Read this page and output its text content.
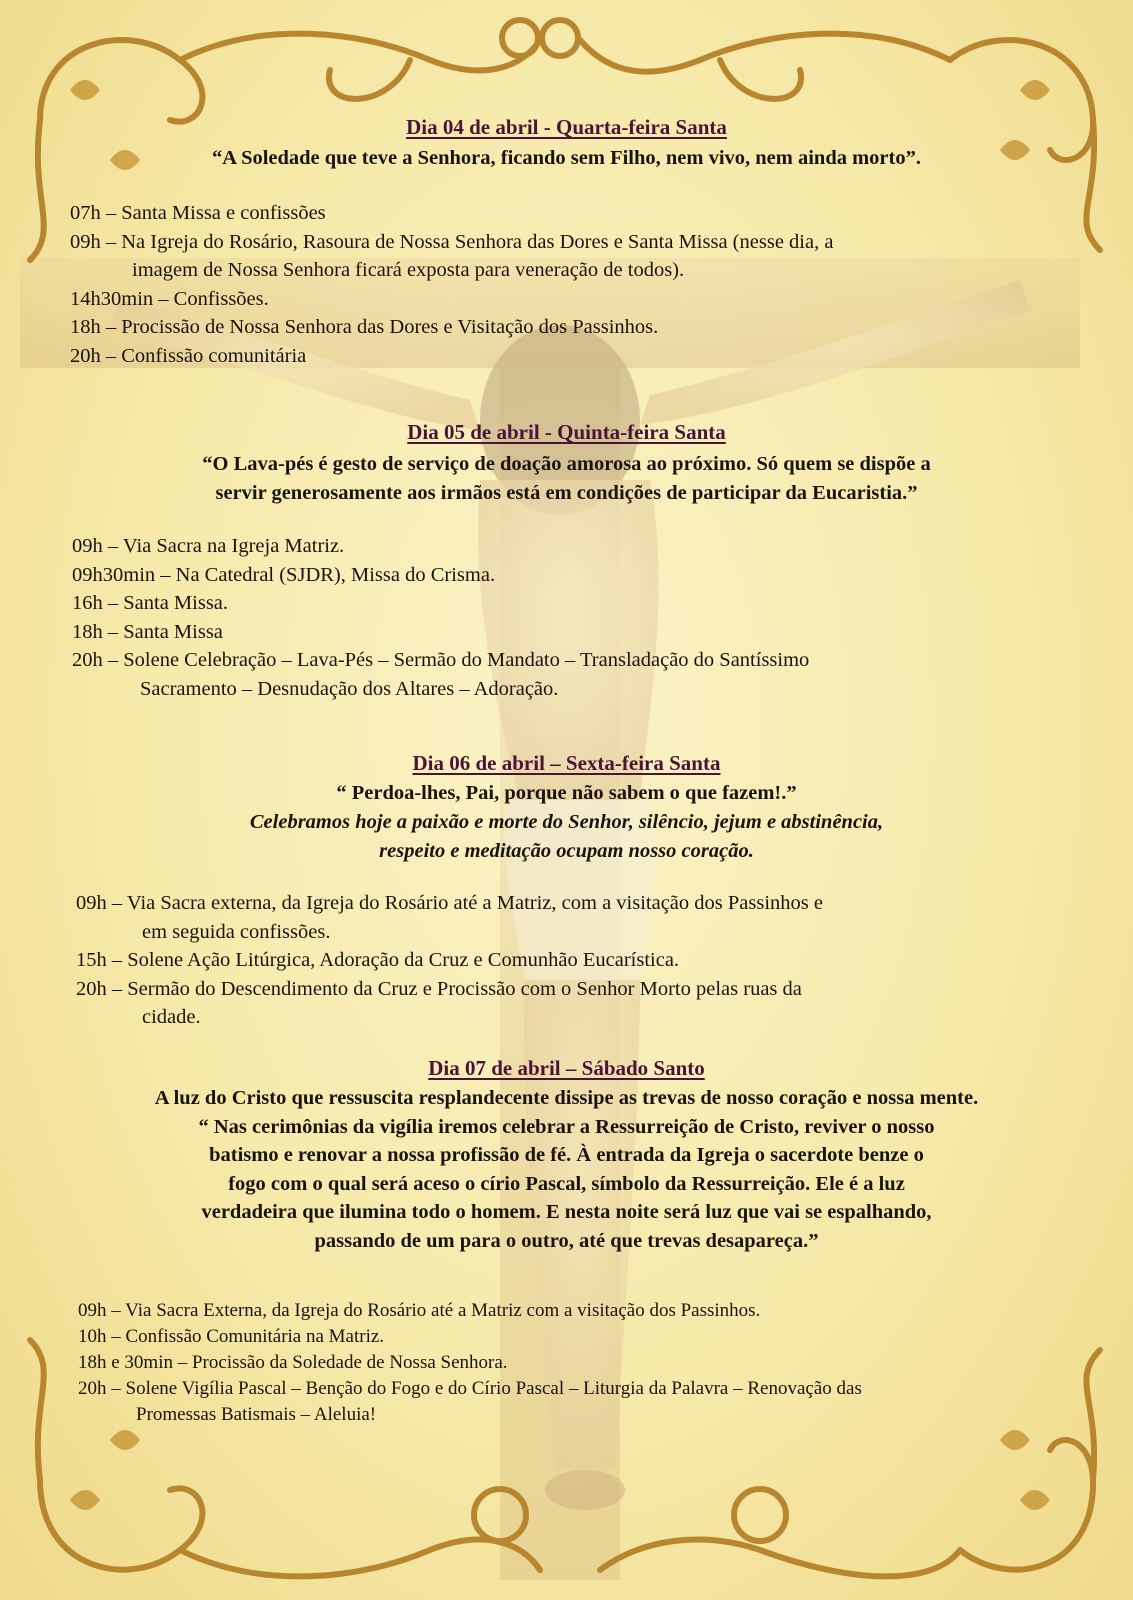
Dia 04 de abril - Quarta-feira Santa
“A Soledade que teve a Senhora, ficando sem Filho, nem vivo, nem ainda morto”.
07h – Santa Missa e confissões
09h – Na Igreja do Rosário, Rasoura de Nossa Senhora das Dores e Santa Missa (nesse dia, a
imagem de Nossa Senhora ficará exposta para veneração de todos).
14h30min – Confissões.
18h – Procissão de Nossa Senhora das Dores e Visitação dos Passinhos.
20h – Confissão comunitária
Dia 05 de abril - Quinta-feira Santa
“O Lava-pés é gesto de serviço de doação amorosa ao próximo. Só quem se dispõe a
servir generosamente aos irmãos está em condições de participar da Eucaristia.”
09h – Via Sacra na Igreja Matriz.
09h30min – Na Catedral (SJDR), Missa do Crisma.
16h – Santa Missa.
18h – Santa Missa
20h – Solene Celebração – Lava-Pés – Sermão do Mandato – Transladação do Santíssimo
Sacramento – Desnudação dos Altares – Adoração.
Dia 06 de abril – Sexta-feira Santa
“ Perdoa-lhes, Pai, porque não sabem o que fazem!.”
Celebramos hoje a paixão e morte do Senhor, silêncio, jejum e abstinência,
respeito e meditação ocupam nosso coração.
09h – Via Sacra externa, da Igreja do Rosário até a Matriz, com a visitação dos Passinhos e
em seguida confissões.
15h – Solene Ação Litúrgica, Adoração da Cruz e Comunhão Eucarística.
20h – Sermão do Descendimento da Cruz e Procissão com o Senhor Morto pelas ruas da
cidade.
Dia 07 de abril – Sábado Santo
A luz do Cristo que ressuscita resplandecente dissipe as trevas de nosso coração e nossa mente.
“ Nas cerimônias da vigília iremos celebrar a Ressurreição de Cristo, reviver o nosso
batismo e renovar a nossa profissão de fé. À entrada da Igreja o sacerdote benze o
fogo com o qual será aceso o círio Pascal, símbolo da Ressurreição. Ele é a luz
verdadeira que ilumina todo o homem. E nesta noite será luz que vai se espalhando,
passando de um para o outro, até que trevas desapareça.”
09h – Via Sacra Externa, da Igreja do Rosário até a Matriz com a visitação dos Passinhos.
10h – Confissão Comunitária na Matriz.
18h e 30min – Procissão da Soledade de Nossa Senhora.
20h – Solene Vigília Pascal – Benção do Fogo e do Círio Pascal – Liturgia da Palavra – Renovação das
Promessas Batismais – Aleluia!
